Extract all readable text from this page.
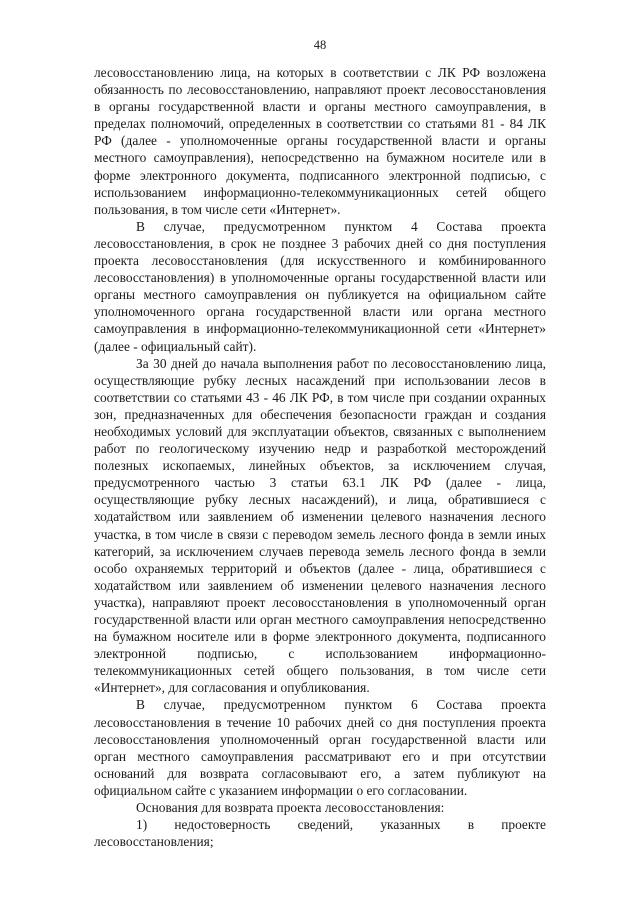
48

лесовосстановлению лица, на которых в соответствии с ЛК РФ возложена обязанность по лесовосстановлению, направляют проект лесовосстановления в органы государственной власти и органы местного самоуправления, в пределах полномочий, определенных в соответствии со статьями 81 - 84 ЛК РФ (далее - уполномоченные органы государственной власти и органы местного самоуправления), непосредственно на бумажном носителе или в форме электронного документа, подписанного электронной подписью, с использованием информационно-телекоммуникационных сетей общего пользования, в том числе сети «Интернет».

В случае, предусмотренном пунктом 4 Состава проекта лесовосстановления, в срок не позднее 3 рабочих дней со дня поступления проекта лесовосстановления (для искусственного и комбинированного лесовосстановления) в уполномоченные органы государственной власти или органы местного самоуправления он публикуется на официальном сайте уполномоченного органа государственной власти или органа местного самоуправления в информационно-телекоммуникационной сети «Интернет» (далее - официальный сайт).

За 30 дней до начала выполнения работ по лесовосстановлению лица, осуществляющие рубку лесных насаждений при использовании лесов в соответствии со статьями 43 - 46 ЛК РФ, в том числе при создании охранных зон, предназначенных для обеспечения безопасности граждан и создания необходимых условий для эксплуатации объектов, связанных с выполнением работ по геологическому изучению недр и разработкой месторождений полезных ископаемых, линейных объектов, за исключением случая, предусмотренного частью 3 статьи 63.1 ЛК РФ (далее - лица, осуществляющие рубку лесных насаждений), и лица, обратившиеся с ходатайством или заявлением об изменении целевого назначения лесного участка, в том числе в связи с переводом земель лесного фонда в земли иных категорий, за исключением случаев перевода земель лесного фонда в земли особо охраняемых территорий и объектов (далее - лица, обратившиеся с ходатайством или заявлением об изменении целевого назначения лесного участка), направляют проект лесовосстановления в уполномоченный орган государственной власти или орган местного самоуправления непосредственно на бумажном носителе или в форме электронного документа, подписанного электронной подписью, с использованием информационно-телекоммуникационных сетей общего пользования, в том числе сети «Интернет», для согласования и опубликования.

В случае, предусмотренном пунктом 6 Состава проекта лесовосстановления в течение 10 рабочих дней со дня поступления проекта лесовосстановления уполномоченный орган государственной власти или орган местного самоуправления рассматривают его и при отсутствии оснований для возврата согласовывают его, а затем публикуют на официальном сайте с указанием информации о его согласовании.

Основания для возврата проекта лесовосстановления:

1) недостоверность сведений, указанных в проекте лесовосстановления;
